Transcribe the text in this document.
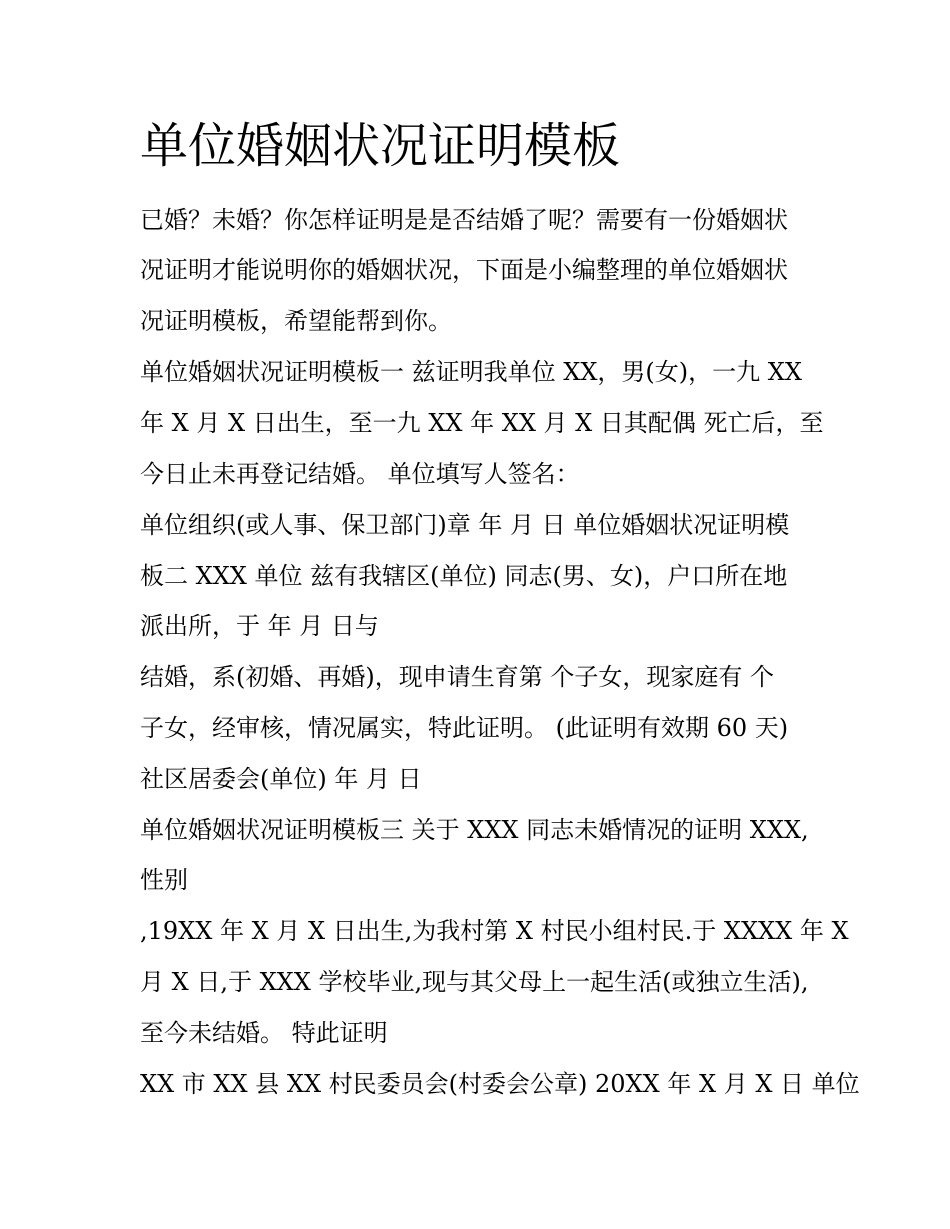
单位婚姻状况证明模板

已婚？未婚？你怎样证明是是否结婚了呢？需要有一份婚姻状

况证明才能说明你的婚姻状况，下面是小编整理的单位婚姻状

况证明模板，希望能帮到你。

单位婚姻状况证明模板一 兹证明我单位 XX，男(女)，一九 XX

年 X 月 X 日出生，至一九 XX 年 XX 月 X 日其配偶 死亡后，至

今日止未再登记结婚。 单位填写人签名：

单位组织(或人事、保卫部门)章 年 月 日 单位婚姻状况证明模

板二 XXX 单位 兹有我辖区(单位) 同志(男、女)，户口所在地

派出所，于 年 月 日与

结婚，系(初婚、再婚)，现申请生育第 个子女，现家庭有 个

子女，经审核，情况属实，特此证明。 (此证明有效期 60 天)

社区居委会(单位) 年 月 日

单位婚姻状况证明模板三 关于 XXX 同志未婚情况的证明 XXX,

性别

,19XX 年 X 月 X 日出生,为我村第 X 村民小组村民.于 XXXX 年 X

月 X 日,于 XXX 学校毕业,现与其父母上一起生活(或独立生活),

至今未结婚。 特此证明

XX 市 XX 县 XX 村民委员会(村委会公章) 20XX 年 X 月 X 日 单位
